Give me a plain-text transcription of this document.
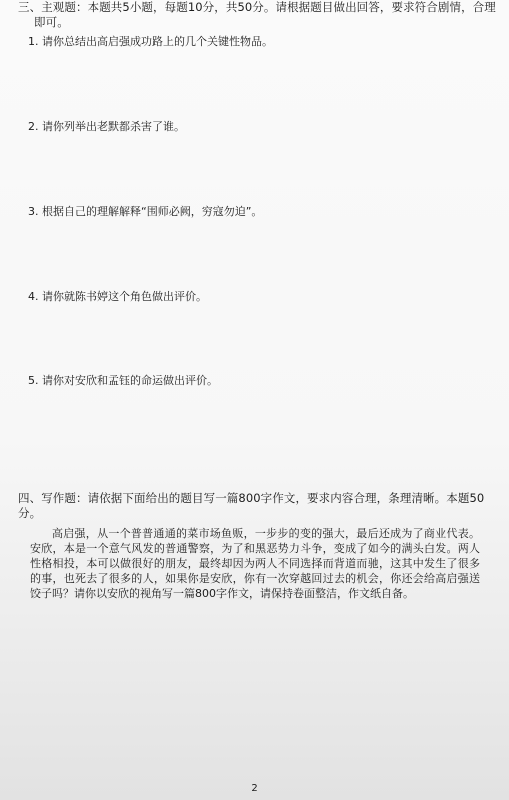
三、主观题：本题共5小题，每题10分，共50分。请根据题目做出回答，要求符合剧情，合理
即可。
1. 请你总结出高启强成功路上的几个关键性物品。
2. 请你列举出老默都杀害了谁。
3. 根据自己的理解解释“围师必阙，穷寇勿迫”。
4. 请你就陈书婷这个角色做出评价。
5. 请你对安欣和孟钰的命运做出评价。
四、写作题：请依据下面给出的题目写一篇800字作文，要求内容合理，条理清晰。本题50分。
高启强，从一个普普通通的菜市场鱼贩，一步步的变的强大，最后还成为了商业代表。安欣，本是一个意气风发的普通警察，为了和黑恶势力斗争，变成了如今的满头白发。两人性格相投，本可以做很好的朋友，最终却因为两人不同选择而背道而驰，这其中发生了很多的事，也死去了很多的人，如果你是安欣，你有一次穿越回过去的机会，你还会给高启强送饺子吗？请你以安欣的视角写一篇800字作文，请保持卷面整洁，作文纸自备。
2
